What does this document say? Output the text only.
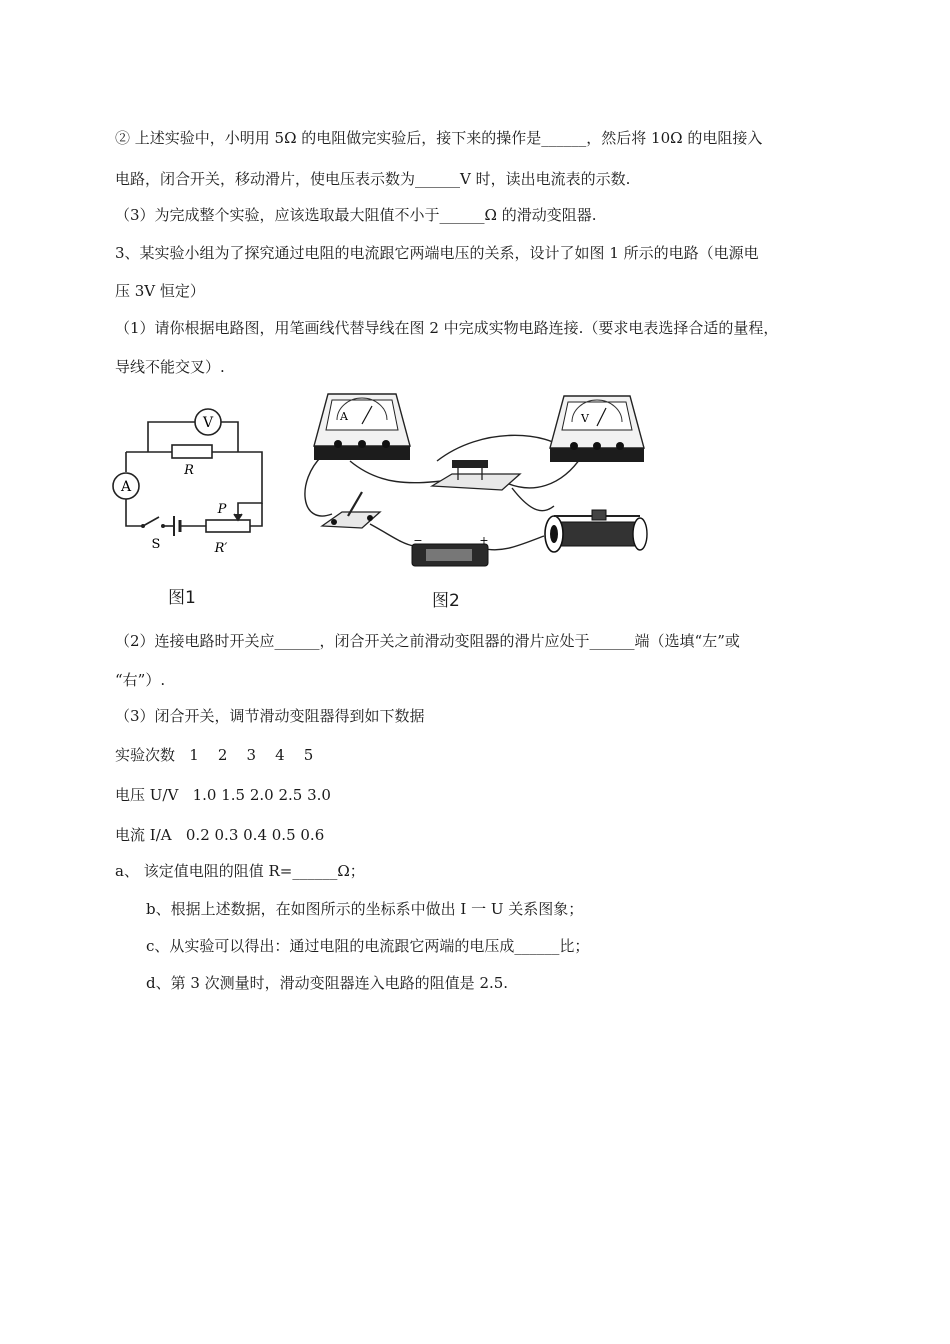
② 上述实验中，小明用 5Ω 的电阻做完实验后，接下来的操作是______，然后将 10Ω 的电阻接入
电路，闭合开关，移动滑片，使电压表示数为______V 时，读出电流表的示数.
（3）为完成整个实验，应该选取最大阻值不小于______Ω 的滑动变阻器.
3、某实验小组为了探究通过电阻的电流跟它两端电压的关系，设计了如图 1 所示的电路（电源电
压 3V 恒定）
（1）请你根据电路图，用笔画线代替导线在图 2 中完成实物电路连接.（要求电表选择合适的量程，
导线不能交叉）.
V
A
R
P
R′
S
图1
A	V
−	+
图2
（2）连接电路时开关应______，闭合开关之前滑动变阻器的滑片应处于______端（选填“左”或
“右”）.
（3）闭合开关，调节滑动变阻器得到如下数据
实验次数   1    2    3    4    5
电压 U/V   1.0 1.5 2.0 2.5 3.0
电流 I/A   0.2 0.3 0.4 0.5 0.6
a、 该定值电阻的阻值 R=______Ω；
b、根据上述数据，在如图所示的坐标系中做出 I 一 U 关系图象；
c、从实验可以得出：通过电阻的电流跟它两端的电压成______比；
d、第 3 次测量时，滑动变阻器连入电路的阻值是 2.5.
